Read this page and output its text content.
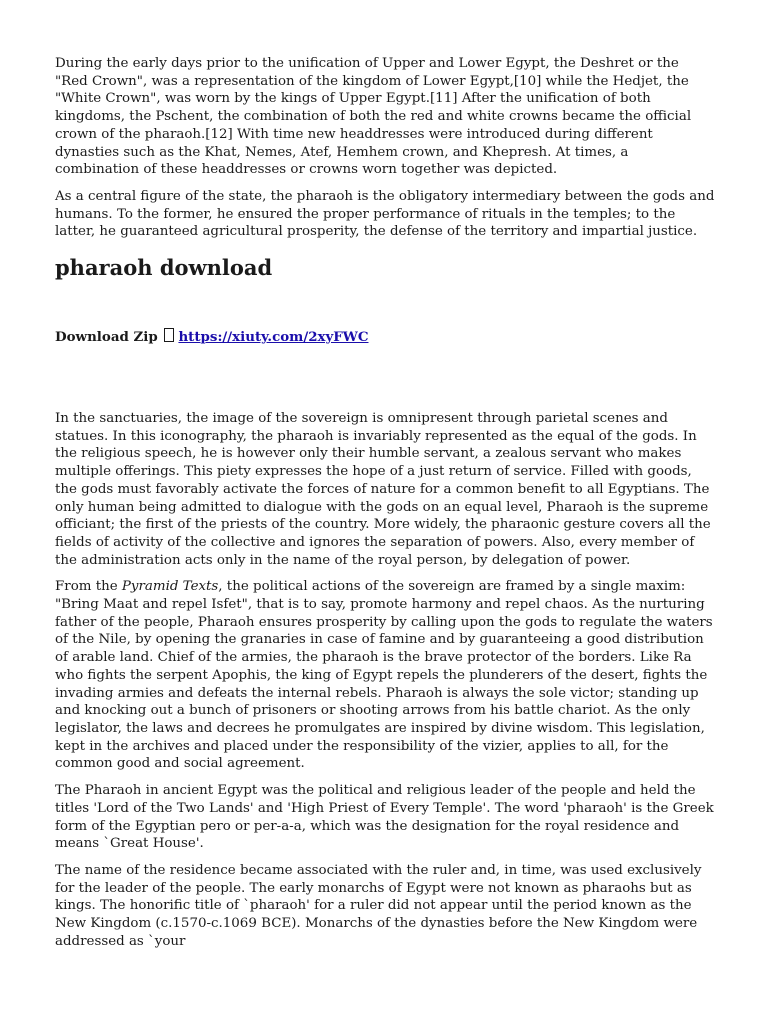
During the early days prior to the unification of Upper and Lower Egypt, the Deshret or the "Red Crown", was a representation of the kingdom of Lower Egypt,[10] while the Hedjet, the "White Crown", was worn by the kings of Upper Egypt.[11] After the unification of both kingdoms, the Pschent, the combination of both the red and white crowns became the official crown of the pharaoh.[12] With time new headdresses were introduced during different dynasties such as the Khat, Nemes, Atef, Hemhem crown, and Khepresh. At times, a combination of these headdresses or crowns worn together was depicted.

As a central figure of the state, the pharaoh is the obligatory intermediary between the gods and humans. To the former, he ensured the proper performance of rituals in the temples; to the latter, he guaranteed agricultural prosperity, the defense of the territory and impartial justice.

pharaoh download
Download Zip https://xiuty.com/2xyFWC

In the sanctuaries, the image of the sovereign is omnipresent through parietal scenes and statues. In this iconography, the pharaoh is invariably represented as the equal of the gods. In the religious speech, he is however only their humble servant, a zealous servant who makes multiple offerings. This piety expresses the hope of a just return of service. Filled with goods, the gods must favorably activate the forces of nature for a common benefit to all Egyptians. The only human being admitted to dialogue with the gods on an equal level, Pharaoh is the supreme officiant; the first of the priests of the country. More widely, the pharaonic gesture covers all the fields of activity of the collective and ignores the separation of powers. Also, every member of the administration acts only in the name of the royal person, by delegation of power.

From the Pyramid Texts, the political actions of the sovereign are framed by a single maxim: "Bring Maat and repel Isfet", that is to say, promote harmony and repel chaos. As the nurturing father of the people, Pharaoh ensures prosperity by calling upon the gods to regulate the waters of the Nile, by opening the granaries in case of famine and by guaranteeing a good distribution of arable land. Chief of the armies, the pharaoh is the brave protector of the borders. Like Ra who fights the serpent Apophis, the king of Egypt repels the plunderers of the desert, fights the invading armies and defeats the internal rebels. Pharaoh is always the sole victor; standing up and knocking out a bunch of prisoners or shooting arrows from his battle chariot. As the only legislator, the laws and decrees he promulgates are inspired by divine wisdom. This legislation, kept in the archives and placed under the responsibility of the vizier, applies to all, for the common good and social agreement.

The Pharaoh in ancient Egypt was the political and religious leader of the people and held the titles 'Lord of the Two Lands' and 'High Priest of Every Temple'. The word 'pharaoh' is the Greek form of the Egyptian pero or per-a-a, which was the designation for the royal residence and means `Great House'.

The name of the residence became associated with the ruler and, in time, was used exclusively for the leader of the people. The early monarchs of Egypt were not known as pharaohs but as kings. The honorific title of `pharaoh' for a ruler did not appear until the period known as the New Kingdom (c.1570-c.1069 BCE). Monarchs of the dynasties before the New Kingdom were addressed as `your
